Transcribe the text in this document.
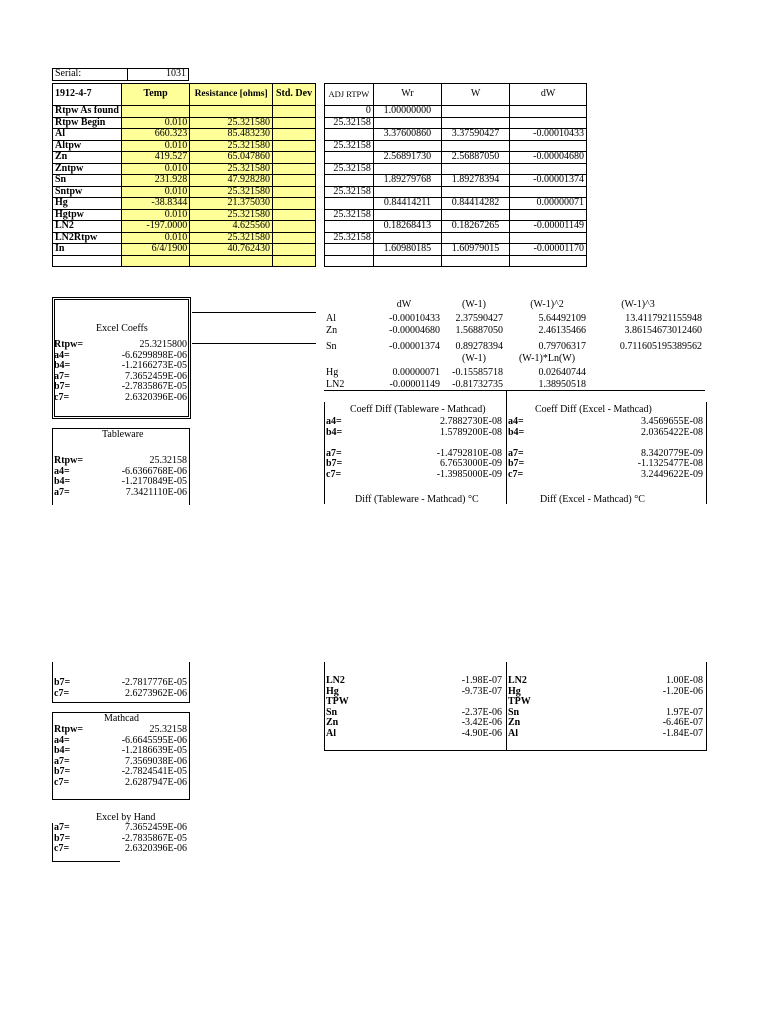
Serial:	1031
1912-4-7	Temp	Resistance [ohms]	Std. Dev
Rtpw As found			
Rtpw Begin	0.010	25.321580	
Al	660.323	85.483230	
Altpw	0.010	25.321580	
Zn	419.527	65.047860	
Zntpw	0.010	25.321580	
Sn	231.928	47.928280	
Sntpw	0.010	25.321580	
Hg	-38.8344	21.375030	
Hgtpw	0.010	25.321580	
LN2	-197.0000	4.625560	
LN2Rtpw	0.010	25.321580	
In	6/4/1900	40.762430	

ADJ RTPW	Wr	W	dW
0	1.00000000		
25.32158			
	3.37600860	3.37590427	-0.00010433
25.32158			
	2.56891730	2.56887050	-0.00004680
25.32158			
	1.89279768	1.89278394	-0.00001374
25.32158			
	0.84414211	0.84414282	0.00000071
25.32158			
	0.18268413	0.18267265	-0.00001149
25.32158			
	1.60980185	1.60979015	-0.00001170

Excel Coeffs
Rtpw=	25.3215800
a4=	-6.6299898E-06
b4=	-1.2166273E-05
a7=	7.3652459E-06
b7=	-2.7835867E-05
c7=	2.6320396E-06
dW	(W-1)	(W-1)^2	(W-1)^3
Al	-0.00010433	2.37590427	5.64492109	13.4117921155948
Zn	-0.00004680	1.56887050	2.46135466	3.86154673012460
Sn	-0.00001374	0.89278394	0.79706317	0.711605195389562
(W-1)	(W-1)*Ln(W)
Hg	0.00000071	-0.15585718	0.02640744
LN2	-0.00001149	-0.81732735	1.38950518
Tableware
Rtpw=	25.32158
a4=	-6.6366768E-06
b4=	-1.2170849E-05
a7=	7.3421110E-06
Coeff Diff (Tableware - Mathcad)	Coeff Diff (Excel - Mathcad)
a4=	2.7882730E-08
b4=	1.5789200E-08

a7=	-1.4792810E-08
b7=	6.7653000E-09
c7=	-1.3985000E-09
a4=	3.4569655E-08
b4=	2.0365422E-08

a7=	8.3420779E-09
b7=	-1.1325477E-08
c7=	3.2449622E-09
Diff (Tableware - Mathcad) °C	Diff (Excel - Mathcad) °C
b7=	-2.7817776E-05
c7=	2.6273962E-06
LN2	-1.98E-07
Hg	-9.73E-07
TPW	
Sn	-2.37E-06
Zn	-3.42E-06
Al	-4.90E-06
LN2	1.00E-08
Hg	-1.20E-06
TPW	
Sn	1.97E-07
Zn	-6.46E-07
Al	-1.84E-07
Mathcad
Rtpw=	25.32158
a4=	-6.6645595E-06
b4=	-1.2186639E-05
a7=	7.3569038E-06
b7=	-2.7824541E-05
c7=	2.6287947E-06
Excel by Hand
a7=	7.3652459E-06
b7=	-2.7835867E-05
c7=	2.6320396E-06
